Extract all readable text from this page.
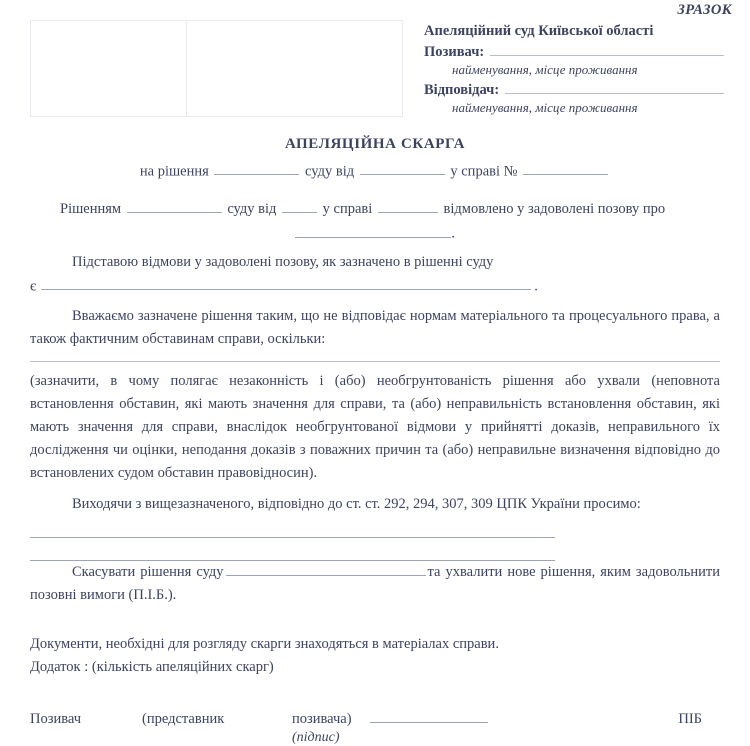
ЗРАЗОК
Апеляційний суд Київської області
Позивач:
найменування, місце проживання
Відповідач:
найменування, місце проживання
АПЕЛЯЦІЙНА СКАРГА
на рішення	суду від	у справі №

Рішенням	суду від	у справі	відмовлено у задоволені позову про

.

Підставою відмови у задоволені позову, як зазначено в рішенні суду

є	.

Вважаємо зазначене рішення таким, що не відповідає нормам матеріального та процесуального права, а також фактичним обставинам справи, оскільки:

(зазначити, в чому полягає незаконність і (або) необгрунтованість рішення або ухвали (неповнота встановлення обставин, які мають значення для справи, та (або) неправильність встановлення обставин, які мають значення для справи, внаслідок необгрунтованої відмови у прийнятті доказів, неправильного їх дослідження чи оцінки, неподання доказів з поважних причин та (або) неправильне визначення відповідно до встановлених судом обставин правовідносин).

Виходячи з вищезазначеного, відповідно до ст. ст. 292, 294, 307, 309 ЦПК України просимо:

Скасувати рішення суду	та ухвалити нове рішення, яким задовольнити позовні вимоги (П.І.Б.).

Документи, необхідні для розгляду скарги знаходяться в матеріалах справи.

Додаток : (кількість апеляційних скарг)

Позивач	(представник	позивача)	ПІБ
(підпис)
